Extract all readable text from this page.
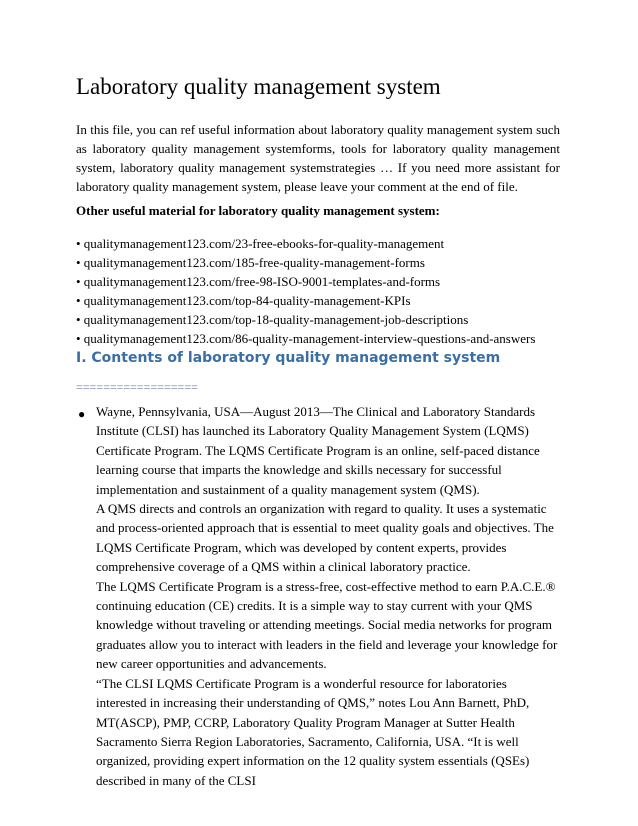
Laboratory quality management system

In this file, you can ref useful information about laboratory quality management system such as laboratory quality management systemforms, tools for laboratory quality management system, laboratory quality management systemstrategies … If you need more assistant for laboratory quality management system, please leave your comment at the end of file.

Other useful material for laboratory quality management system:

• qualitymanagement123.com/23-free-ebooks-for-quality-management
• qualitymanagement123.com/185-free-quality-management-forms
• qualitymanagement123.com/free-98-ISO-9001-templates-and-forms
• qualitymanagement123.com/top-84-quality-management-KPIs
• qualitymanagement123.com/top-18-quality-management-job-descriptions
• qualitymanagement123.com/86-quality-management-interview-questions-and-answers
I. Contents of laboratory quality management system
==================
● Wayne, Pennsylvania, USA—August 2013—The Clinical and Laboratory Standards Institute (CLSI) has launched its Laboratory Quality Management System (LQMS) Certificate Program. The LQMS Certificate Program is an online, self-paced distance learning course that imparts the knowledge and skills necessary for successful implementation and sustainment of a quality management system (QMS).

A QMS directs and controls an organization with regard to quality. It uses a systematic and process-oriented approach that is essential to meet quality goals and objectives. The LQMS Certificate Program, which was developed by content experts, provides comprehensive coverage of a QMS within a clinical laboratory practice.

The LQMS Certificate Program is a stress-free, cost-effective method to earn P.A.C.E.® continuing education (CE) credits. It is a simple way to stay current with your QMS knowledge without traveling or attending meetings. Social media networks for program graduates allow you to interact with leaders in the field and leverage your knowledge for new career opportunities and advancements.

“The CLSI LQMS Certificate Program is a wonderful resource for laboratories interested in increasing their understanding of QMS,” notes Lou Ann Barnett, PhD, MT(ASCP), PMP, CCRP, Laboratory Quality Program Manager at Sutter Health Sacramento Sierra Region Laboratories, Sacramento, California, USA. “It is well organized, providing expert information on the 12 quality system essentials (QSEs) described in many of the CLSI
